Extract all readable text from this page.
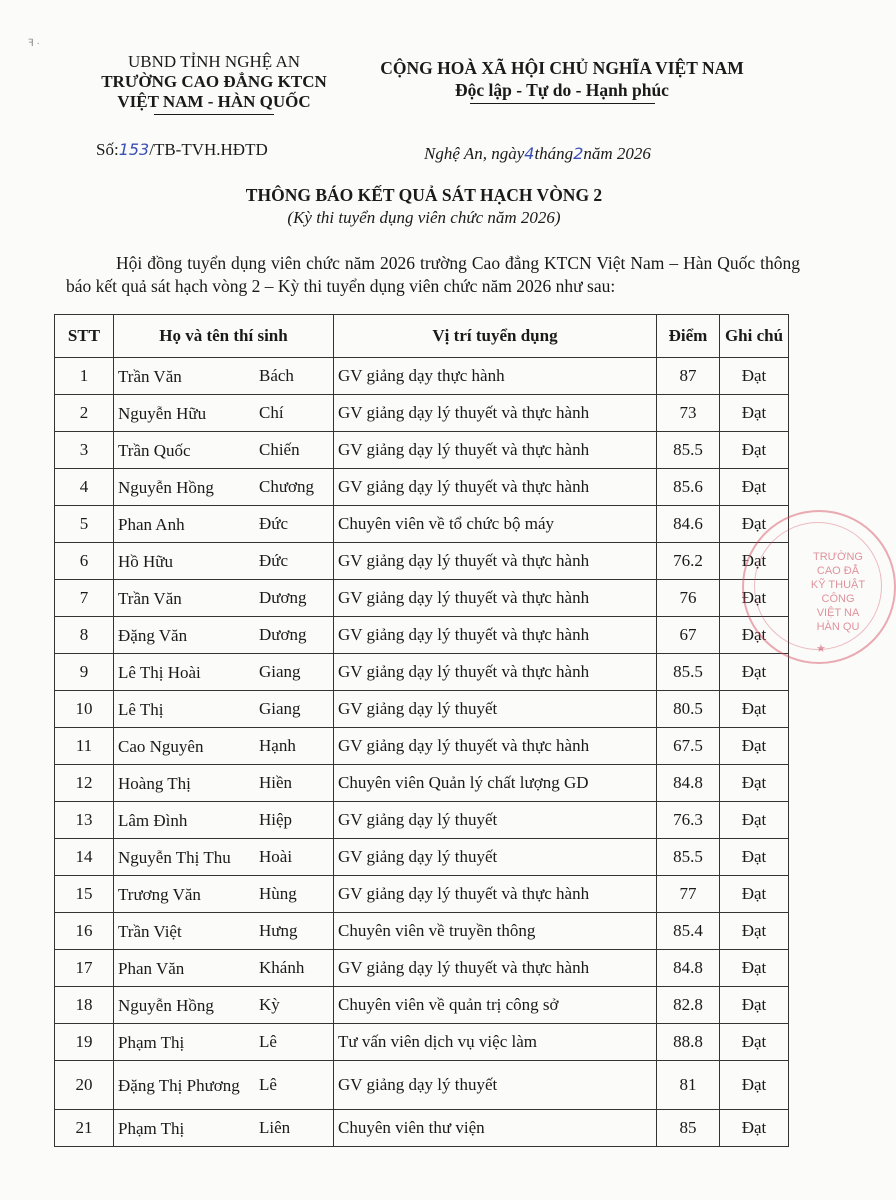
ꟻ ·
UBND TỈNH NGHỆ AN
TRƯỜNG CAO ĐẲNG KTCN
VIỆT NAM - HÀN QUỐC
CỘNG HOÀ XÃ HỘI CHỦ NGHĨA VIỆT NAM
Độc lập - Tự do - Hạnh phúc
Số:153/TB-TVH.HĐTD	Nghệ An, ngày4tháng2năm 2026
THÔNG BÁO KẾT QUẢ SÁT HẠCH VÒNG 2
(Kỳ thi tuyển dụng viên chức năm 2026)
Hội đồng tuyển dụng viên chức năm 2026 trường Cao đẳng KTCN Việt Nam – Hàn Quốc thông báo kết quả sát hạch vòng 2 – Kỳ thi tuyển dụng viên chức năm 2026 như sau:
STT	Họ và tên thí sinh	Vị trí tuyển dụng	Điểm	Ghi chú
1	Trần Văn Bách	GV giảng dạy thực hành	87	Đạt
2	Nguyễn Hữu Chí	GV giảng dạy lý thuyết và thực hành	73	Đạt
3	Trần Quốc Chiến	GV giảng dạy lý thuyết và thực hành	85.5	Đạt
4	Nguyễn Hồng Chương	GV giảng dạy lý thuyết và thực hành	85.6	Đạt
5	Phan Anh Đức	Chuyên viên về tổ chức bộ máy	84.6	Đạt
6	Hồ Hữu Đức	GV giảng dạy lý thuyết và thực hành	76.2	Đạt
7	Trần Văn Dương	GV giảng dạy lý thuyết và thực hành	76	Đạt
8	Đặng Văn Dương	GV giảng dạy lý thuyết và thực hành	67	Đạt
9	Lê Thị Hoài Giang	GV giảng dạy lý thuyết và thực hành	85.5	Đạt
10	Lê Thị Giang	GV giảng dạy lý thuyết	80.5	Đạt
11	Cao Nguyên Hạnh	GV giảng dạy lý thuyết và thực hành	67.5	Đạt
12	Hoàng Thị Hiền	Chuyên viên Quản lý chất lượng GD	84.8	Đạt
13	Lâm Đình Hiệp	GV giảng dạy lý thuyết	76.3	Đạt
14	Nguyễn Thị Thu Hoài	GV giảng dạy lý thuyết	85.5	Đạt
15	Trương Văn Hùng	GV giảng dạy lý thuyết và thực hành	77	Đạt
16	Trần Việt Hưng	Chuyên viên về truyền thông	85.4	Đạt
17	Phan Văn Khánh	GV giảng dạy lý thuyết và thực hành	84.8	Đạt
18	Nguyễn Hồng Kỳ	Chuyên viên về quản trị công sở	82.8	Đạt
19	Phạm Thị Lê	Tư vấn viên dịch vụ việc làm	88.8	Đạt
20	Đặng Thị Phương Lê	GV giảng dạy lý thuyết	81	Đạt
21	Phạm Thị Liên	Chuyên viên thư viện	85	Đạt
TRƯỜNG
CAO ĐẲ
KỸ THUẬT CÔNG
VIỆT NA
HÀN QU
★
